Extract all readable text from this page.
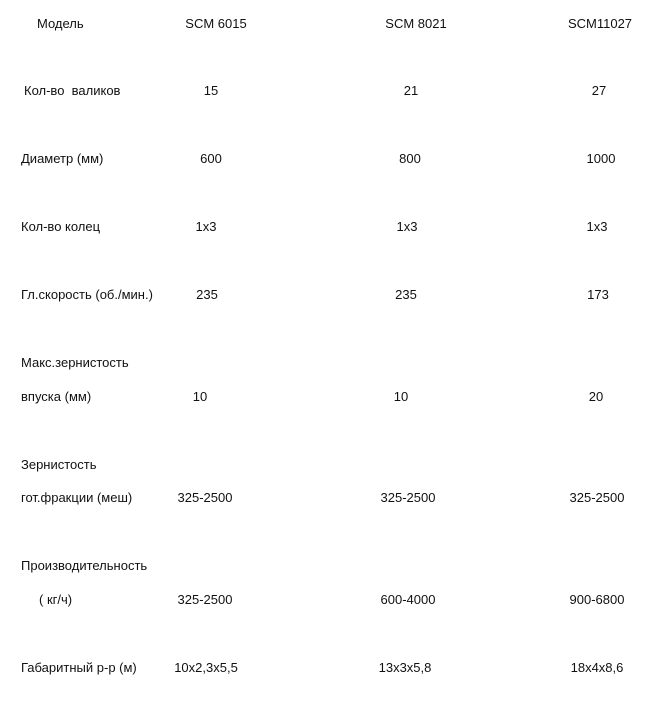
Модель	SCM 6015	SCM 8021	SCM11027
Кол-во  валиков	15	21	27
Диаметр (мм)	600	800	1000
Кол-во колец	1x3	1x3	1x3
Гл.скорость (об./мин.)	235	235	173
Макс.зернистость
впуска (мм)	10	10	20
Зернистость
гот.фракции (меш)	325-2500	325-2500	325-2500
Производительность
( кг/ч)	325-2500	600-4000	900-6800
Габаритный р-р (м)	10x2,3x5,5	13x3x5,8	18x4x8,6
